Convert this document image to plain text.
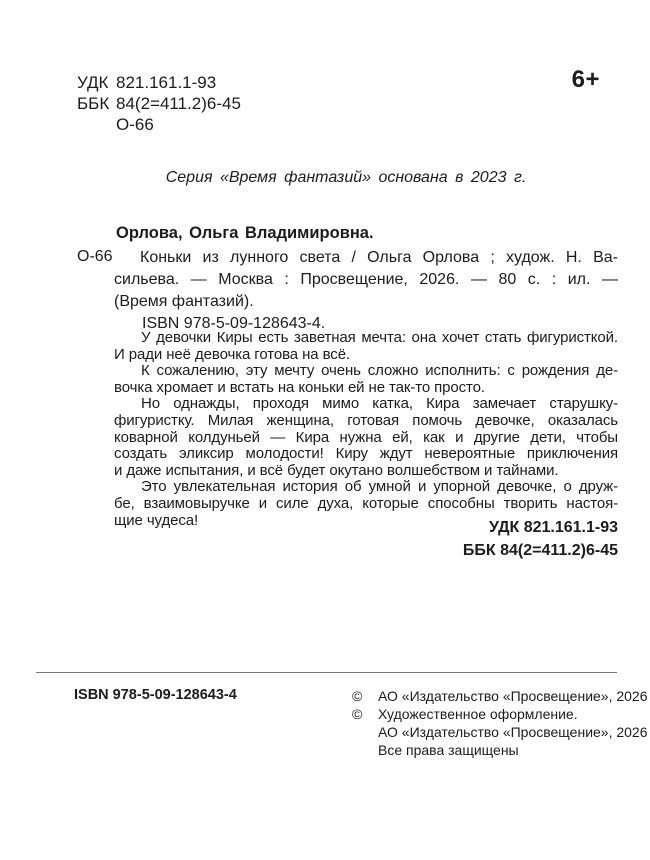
УДК 821.161.1-93
ББК 84(2=411.2)6-45
О-66
6+
Серия «Время фантазий» основана в 2023 г.
Орлова, Ольга Владимировна.
О-66	Коньки из лунного света / Ольга Орлова ; худож. Н. Ва-
сильева. — Москва : Просвещение, 2026. — 80 с. : ил. —
(Время фантазий).
ISBN 978-5-09-128643-4.
У девочки Киры есть заветная мечта: она хочет стать фигуристкой.
И ради неё девочка готова на всё.
К сожалению, эту мечту очень сложно исполнить: с рождения де-
вочка хромает и встать на коньки ей не так-то просто.
Но однажды, проходя мимо катка, Кира замечает старушку-
фигуристку. Милая женщина, готовая помочь девочке, оказалась
коварной колдуньей — Кира нужна ей, как и другие дети, чтобы
создать эликсир молодости! Киру ждут невероятные приключения
и даже испытания, и всё будет окутано волшебством и тайнами.
Это увлекательная история об умной и упорной девочке, о друж-
бе, взаимовыручке и силе духа, которые способны творить настоя-
щие чудеса!	УДК 821.161.1-93
ББК 84(2=411.2)6-45
ISBN 978-5-09-128643-4	© АО «Издательство «Просвещение», 2026
© Художественное оформление.
АО «Издательство «Просвещение», 2026
Все права защищены
